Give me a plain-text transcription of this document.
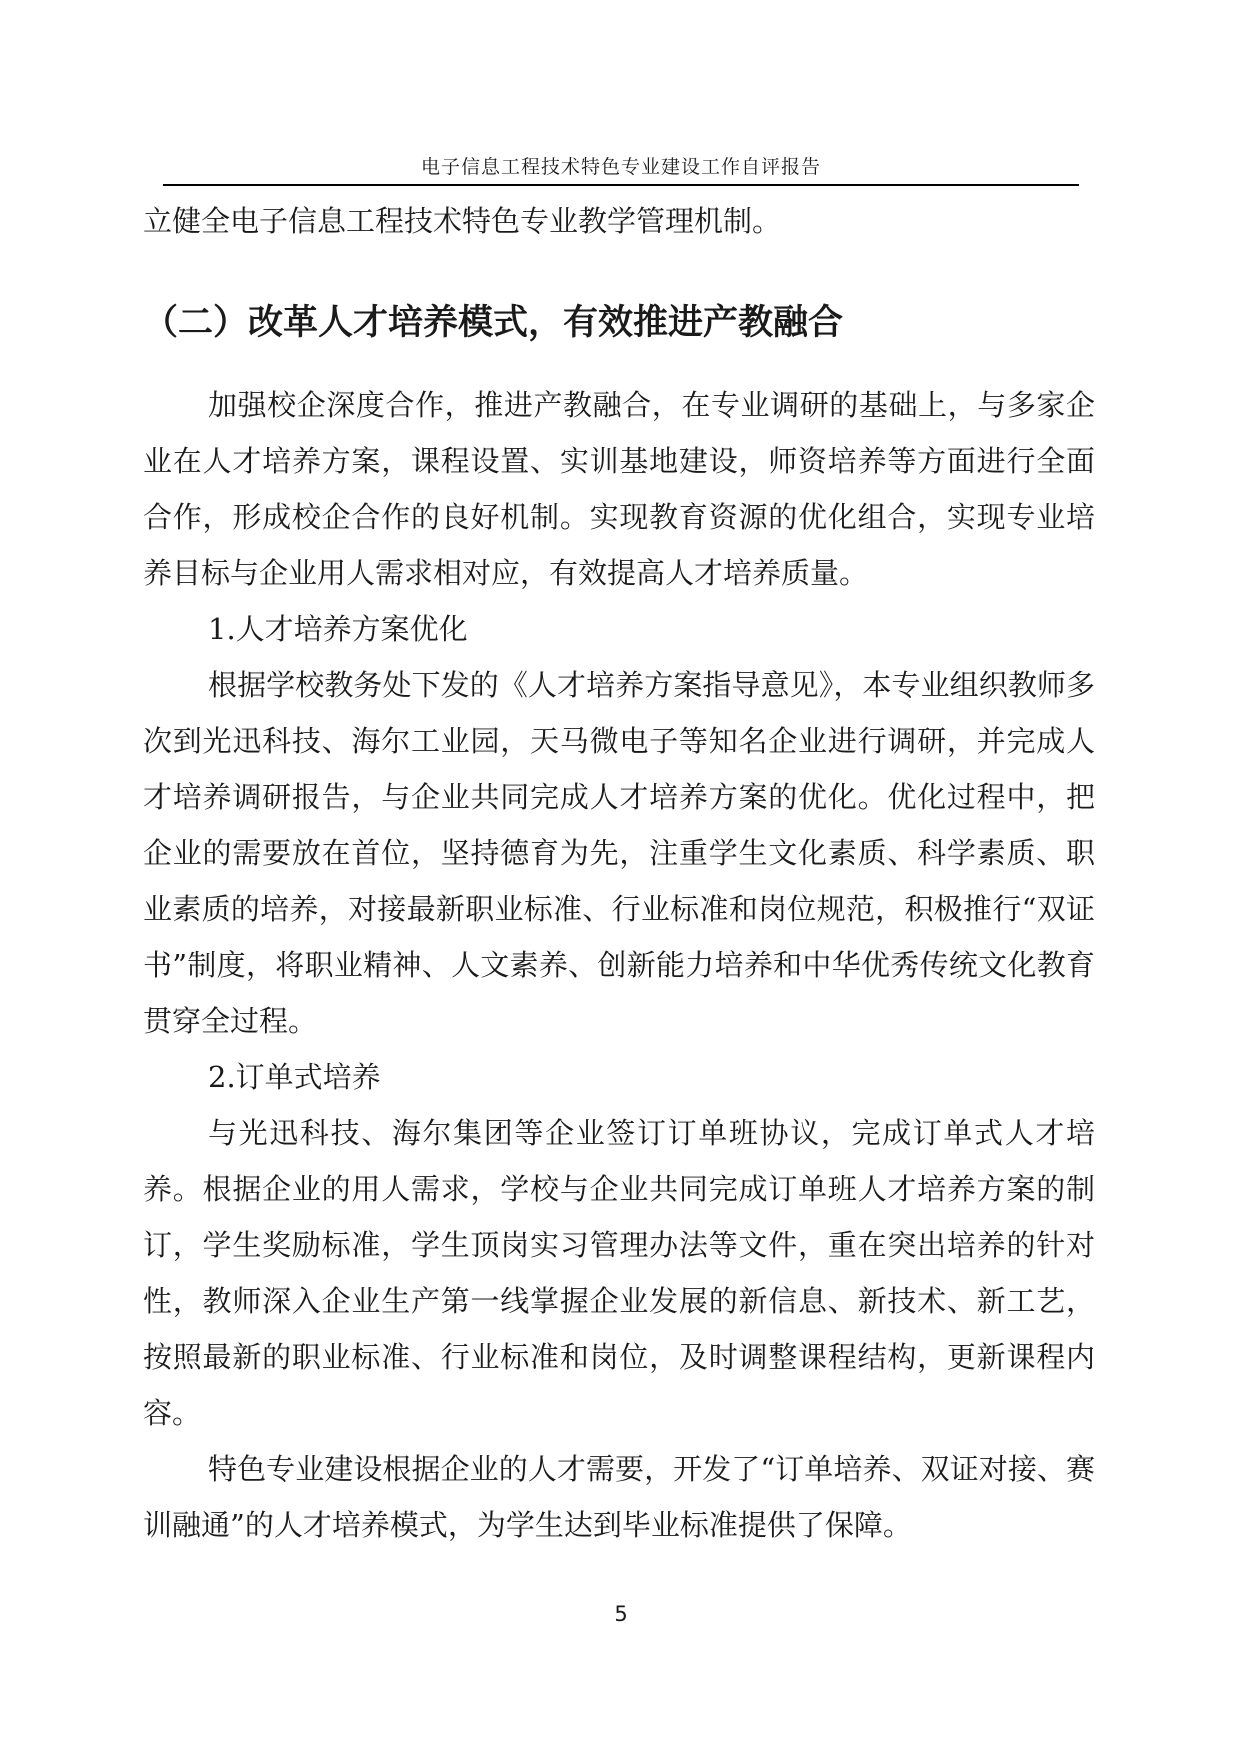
电子信息工程技术特色专业建设工作自评报告

立健全电子信息工程技术特色专业教学管理机制。

（二）改革人才培养模式，有效推进产教融合

加强校企深度合作，推进产教融合，在专业调研的基础上，与多家企业在人才培养方案，课程设置、实训基地建设，师资培养等方面进行全面合作，形成校企合作的良好机制。实现教育资源的优化组合，实现专业培养目标与企业用人需求相对应，有效提高人才培养质量。

1.人才培养方案优化

根据学校教务处下发的《人才培养方案指导意见》，本专业组织教师多次到光迅科技、海尔工业园，天马微电子等知名企业进行调研，并完成人才培养调研报告，与企业共同完成人才培养方案的优化。优化过程中，把企业的需要放在首位，坚持德育为先，注重学生文化素质、科学素质、职业素质的培养，对接最新职业标准、行业标准和岗位规范，积极推行“双证书”制度，将职业精神、人文素养、创新能力培养和中华优秀传统文化教育贯穿全过程。

2.订单式培养

与光迅科技、海尔集团等企业签订订单班协议，完成订单式人才培养。根据企业的用人需求，学校与企业共同完成订单班人才培养方案的制订，学生奖励标准，学生顶岗实习管理办法等文件，重在突出培养的针对性，教师深入企业生产第一线掌握企业发展的新信息、新技术、新工艺，按照最新的职业标准、行业标准和岗位，及时调整课程结构，更新课程内容。

特色专业建设根据企业的人才需要，开发了“订单培养、双证对接、赛训融通”的人才培养模式，为学生达到毕业标准提供了保障。

5
